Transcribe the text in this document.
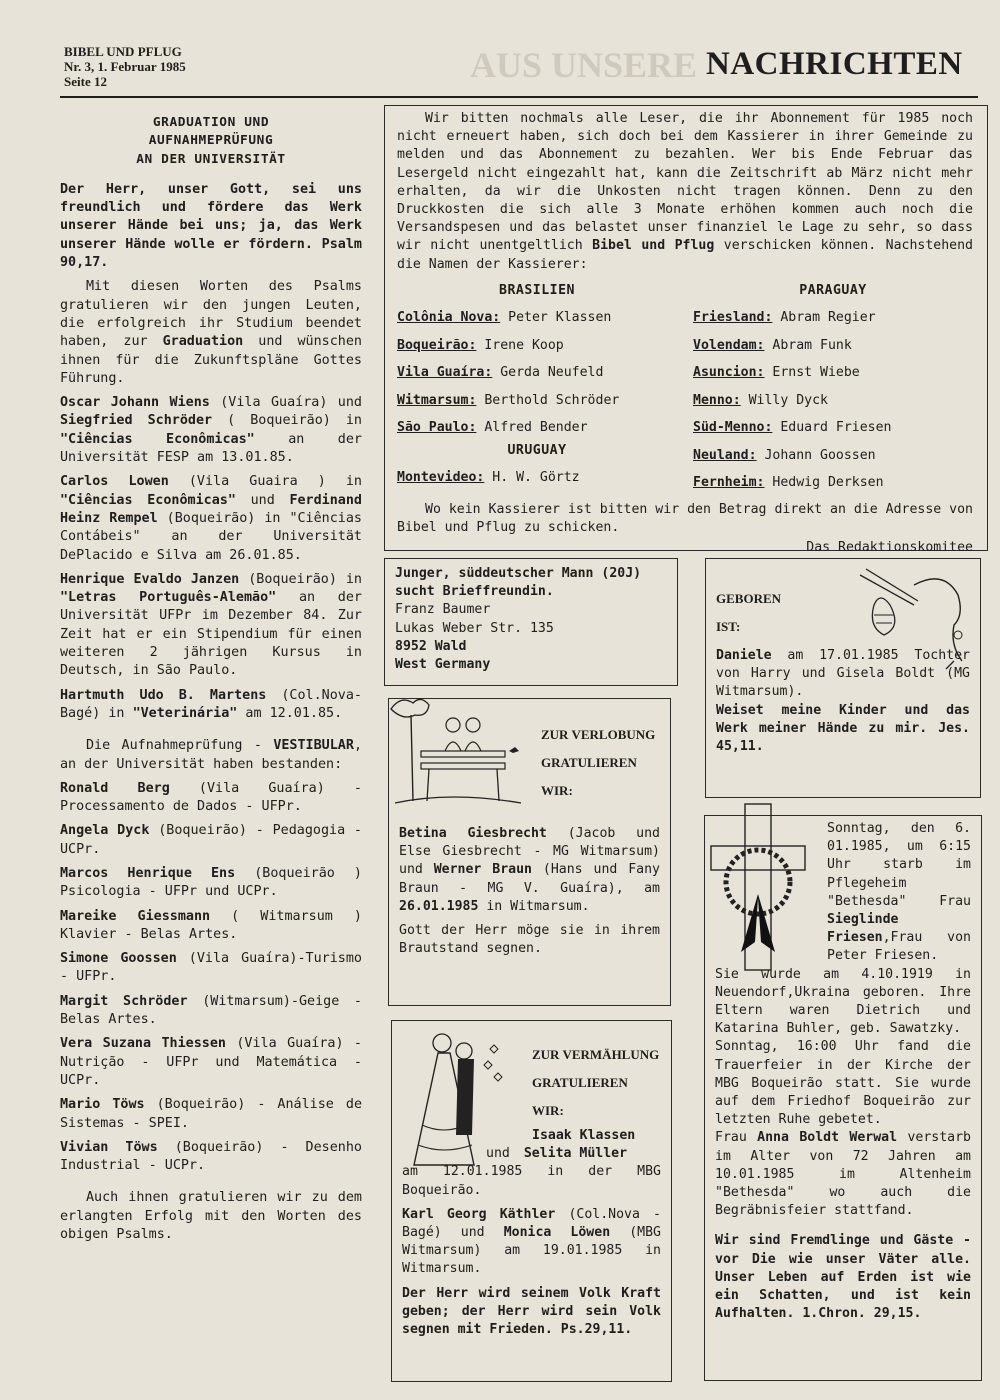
BIBEL UND PFLUG
Nr. 3, 1. Februar 1985
Seite 12	AUS UNSERE NACHRICHTEN
GRADUATION UND
AUFNAHMEPRÜFUNG
AN DER UNIVERSITÄT

Der Herr, unser Gott, sei uns freundlich und fördere das Werk unserer Hände bei uns; ja, das Werk unserer Hände wolle er fördern. Psalm 90,17.

Mit diesen Worten des Psalms gratulieren wir den jungen Leuten, die erfolgreich ihr Studium beendet haben, zur Graduation und wünschen ihnen für die Zukunftspläne Gottes Führung.

Oscar Johann Wiens (Vila Guaíra) und Siegfried Schröder ( Boqueirão) in "Ciências Econômicas" an der Universität FESP am 13.01.85.

Carlos Lowen (Vila Guaira ) in "Ciências Econômicas" und Ferdinand Heinz Rempel (Boqueirão) in "Ciências Contábeis" an der Universität DePlacido e Silva am 26.01.85.

Henrique Evaldo Janzen (Boqueirão) in "Letras Português-Alemão" an der Universität UFPr im Dezember 84. Zur Zeit hat er ein Stipendium für einen weiteren 2 jährigen Kursus in Deutsch, in São Paulo.

Hartmuth Udo B. Martens (Col.Nova-Bagé) in "Veterinária" am 12.01.85.

Die Aufnahmeprüfung - VESTIBULAR, an der Universität haben bestanden:

Ronald Berg (Vila Guaíra) - Processamento de Dados - UFPr.

Angela Dyck (Boqueirão) - Pedagogia - UCPr.

Marcos Henrique Ens (Boqueirão ) Psicologia - UFPr und UCPr.

Mareike Giessmann ( Witmarsum ) Klavier - Belas Artes.

Simone Goossen (Vila Guaíra)-Turismo - UFPr.

Margit Schröder (Witmarsum)-Geige - Belas Artes.

Vera Suzana Thiessen (Vila Guaíra) - Nutrição - UFPr und Matemática - UCPr.

Mario Töws (Boqueirão) - Análise de Sistemas - SPEI.

Vivian Töws (Boqueirão) - Desenho Industrial - UCPr.

Auch ihnen gratulieren wir zu dem erlangten Erfolg mit den Worten des obigen Psalms.

Wir bitten nochmals alle Leser, die ihr Abonnement für 1985 noch nicht erneuert haben, sich doch bei dem Kassierer in ihrer Gemeinde zu melden und das Abonnement zu bezahlen. Wer bis Ende Februar das Lesergeld nicht eingezahlt hat, kann die Zeitschrift ab März nicht mehr erhalten, da wir die Unkosten nicht tragen können. Denn zu den Druckkosten die sich alle 3 Monate erhöhen kommen auch noch die Versandspesen und das belastet unser finanziel le Lage zu sehr, so dass wir nicht unentgeltlich Bibel und Pflug verschicken können. Nachstehend die Namen der Kassierer:
BRASILIEN
Colônia Nova: Peter Klassen
Boqueirão: Irene Koop
Vila Guaíra: Gerda Neufeld
Witmarsum: Berthold Schröder
São Paulo: Alfred Bender
URUGUAY
Montevideo: H. W. Görtz
PARAGUAY
Friesland: Abram Regier
Volendam: Abram Funk
Asuncion: Ernst Wiebe
Menno: Willy Dyck
Süd-Menno: Eduard Friesen
Neuland: Johann Goossen
Fernheim: Hedwig Derksen
Wo kein Kassierer ist bitten wir den Betrag direkt an die Adresse von Bibel und Pflug zu schicken.
Das Redaktionskomitee
Junger, süddeutscher Mann (20J)
sucht Brieffreundin.
Franz Baumer
Lukas Weber Str. 135
8952 Wald
West Germany
ZUR VERLOBUNG
GRATULIEREN
WIR:
Betina Giesbrecht (Jacob und Else Giesbrecht - MG Witmarsum) und Werner Braun (Hans und Fany Braun - MG V. Guaíra), am 26.01.1985 in Witmarsum.
Gott der Herr möge sie in ihrem Brautstand segnen.
ZUR VERMÄHLUNG
GRATULIEREN
WIR:
Isaak Klassen
und Selita Müller
am 12.01.1985 in der MBG Boqueirão.
Karl Georg Käthler (Col.Nova - Bagé) und Monica Löwen (MBG Witmarsum) am 19.01.1985 in Witmarsum.
Der Herr wird seinem Volk Kraft geben; der Herr wird sein Volk segnen mit Frieden. Ps.29,11.
GEBOREN
IST:
Daniele am 17.01.1985 Tochter von Harry und Gisela Boldt (MG Witmarsum).
Weiset meine Kinder und das Werk meiner Hände zu mir. Jes. 45,11.
Sonntag, den 6. 01.1985, um 6:15 Uhr starb im Pflegeheim "Bethesda" Frau Sieglinde Friesen,Frau von Peter Friesen.
Sie wurde am 4.10.1919 in Neuendorf,Ukraina geboren. Ihre Eltern waren Dietrich und Katarina Buhler, geb. Sawatzky.
Sonntag, 16:00 Uhr fand die Trauerfeier in der Kirche der MBG Boqueirão statt. Sie wurde auf dem Friedhof Boqueirão zur letzten Ruhe gebetet.
Frau Anna Boldt Werwal verstarb im Alter von 72 Jahren am 10.01.1985 im Altenheim "Bethesda" wo auch die Begräbnisfeier stattfand.
Wir sind Fremdlinge und Gäste - vor Die wie unser Väter alle. Unser Leben auf Erden ist wie ein Schatten, und ist kein Aufhalten. 1.Chron. 29,15.
